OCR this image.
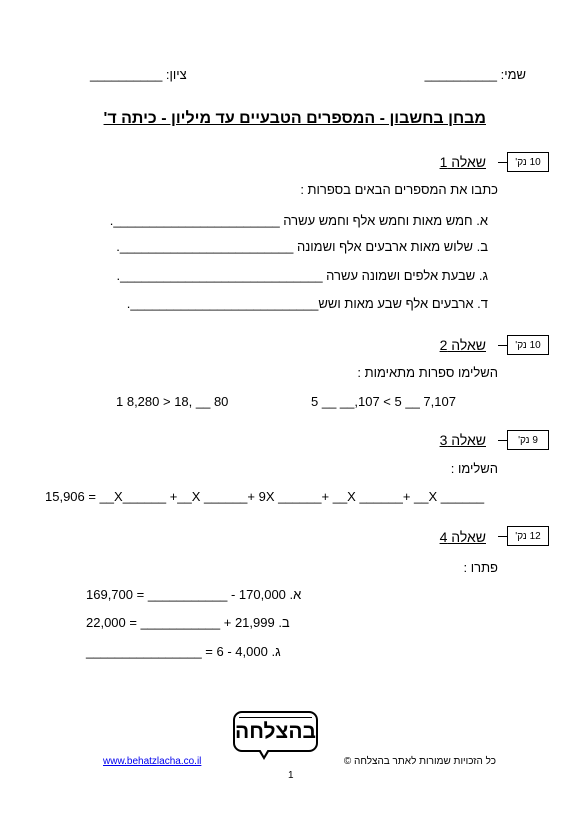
שמי: __________
ציון: __________
מבחן בחשבון - המספרים הטבעיים עד מיליון - כיתה ד'
10 נק'
שאלה 1
כתבו את המספרים הבאים בספרות :
א. חמש מאות וחמש אלף וחמש עשרה _______________________.
ב. שלוש מאות ארבעים אלף ושמונה ________________________.
ג. שבעת אלפים ושמונה עשרה ____________________________.
ד. ארבעים אלף שבע מאות ושש__________________________.
10 נק'
שאלה 2
השלימו ספרות מתאימות :
1 8,280 > 18, __ 80	5 __ __,107 < 5 __ 7,107
9 נק'
שאלה 3
השלימו :
15,906 = __X______ +__X ______+ 9X ______+ __X ______+ __X ______
12 נק'
שאלה 4
פתרו :
א. 170,000 - ___________ = 169,700
ב. 21,999 + ___________ = 22,000
ג. 4,000 - 6 = ________________
בהצלחה
www.behatzlacha.co.il	כל הזכויות שמורות לאתר בהצלחה ©
1
